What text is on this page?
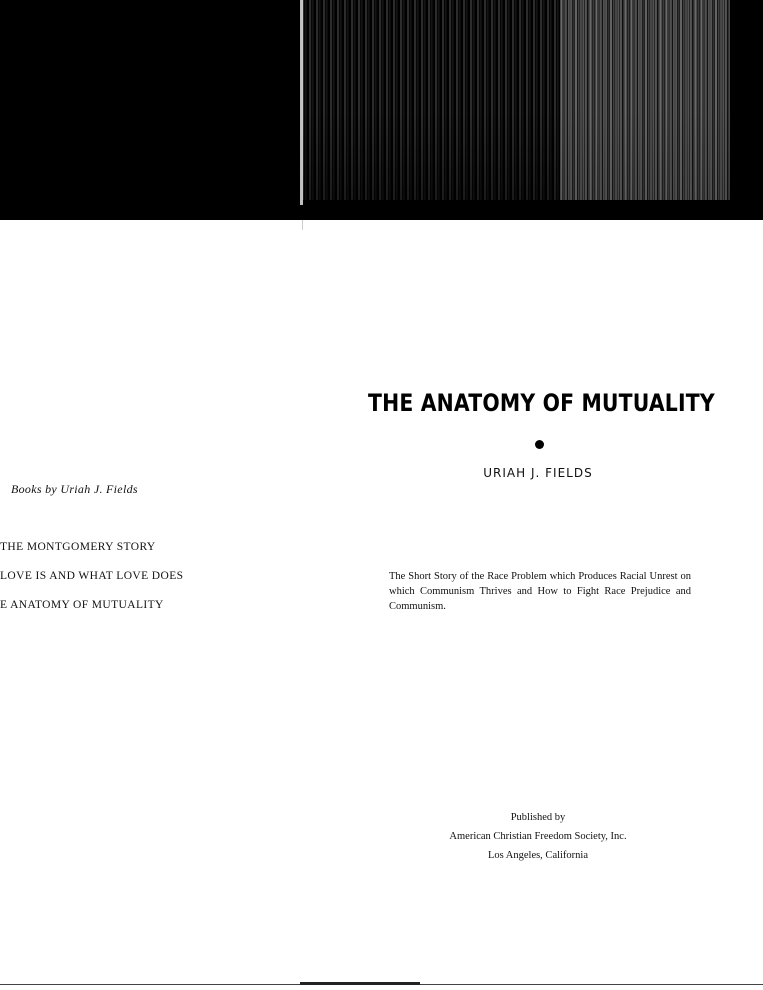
Books by Uriah J. Fields

THE MONTGOMERY STORY
LOVE IS AND WHAT LOVE DOES
E ANATOMY OF MUTUALITY
THE ANATOMY OF MUTUALITY

URIAH J. FIELDS

The Short Story of the Race Problem which Produces Racial Unrest on which Communism Thrives and How to Fight Race Prejudice and Communism.

Published by
American Christian Freedom Society, Inc.
Los Angeles, California
